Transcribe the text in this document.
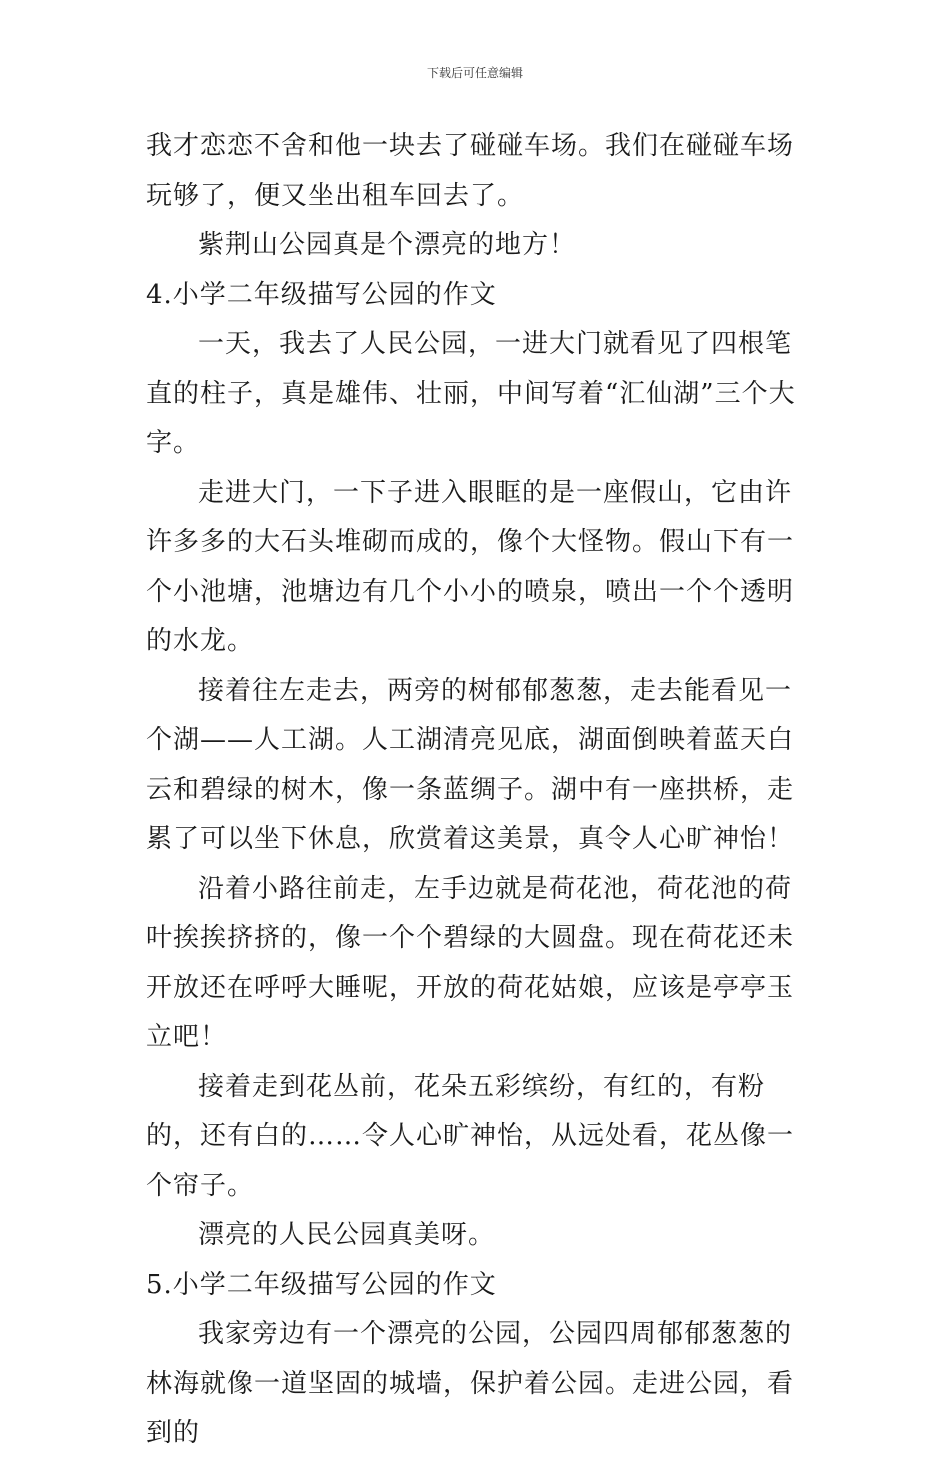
下载后可任意编辑

我才恋恋不舍和他一块去了碰碰车场。我们在碰碰车场玩够了，便又坐出租车回去了。

紫荆山公园真是个漂亮的地方！

4.小学二年级描写公园的作文

一天，我去了人民公园，一进大门就看见了四根笔直的柱子，真是雄伟、壮丽，中间写着“汇仙湖”三个大字。

走进大门，一下子进入眼眶的是一座假山，它由许许多多的大石头堆砌而成的，像个大怪物。假山下有一个小池塘，池塘边有几个小小的喷泉，喷出一个个透明的水龙。

接着往左走去，两旁的树郁郁葱葱，走去能看见一个湖——人工湖。人工湖清亮见底，湖面倒映着蓝天白云和碧绿的树木，像一条蓝绸子。湖中有一座拱桥，走累了可以坐下休息，欣赏着这美景，真令人心旷神怡！

沿着小路往前走，左手边就是荷花池，荷花池的荷叶挨挨挤挤的，像一个个碧绿的大圆盘。现在荷花还未开放还在呼呼大睡呢，开放的荷花姑娘，应该是亭亭玉立吧！

接着走到花丛前，花朵五彩缤纷，有红的，有粉的，还有白的……令人心旷神怡，从远处看，花丛像一个帘子。

漂亮的人民公园真美呀。

5.小学二年级描写公园的作文

我家旁边有一个漂亮的公园，公园四周郁郁葱葱的林海就像一道坚固的城墙，保护着公园。走进公园，看到的
